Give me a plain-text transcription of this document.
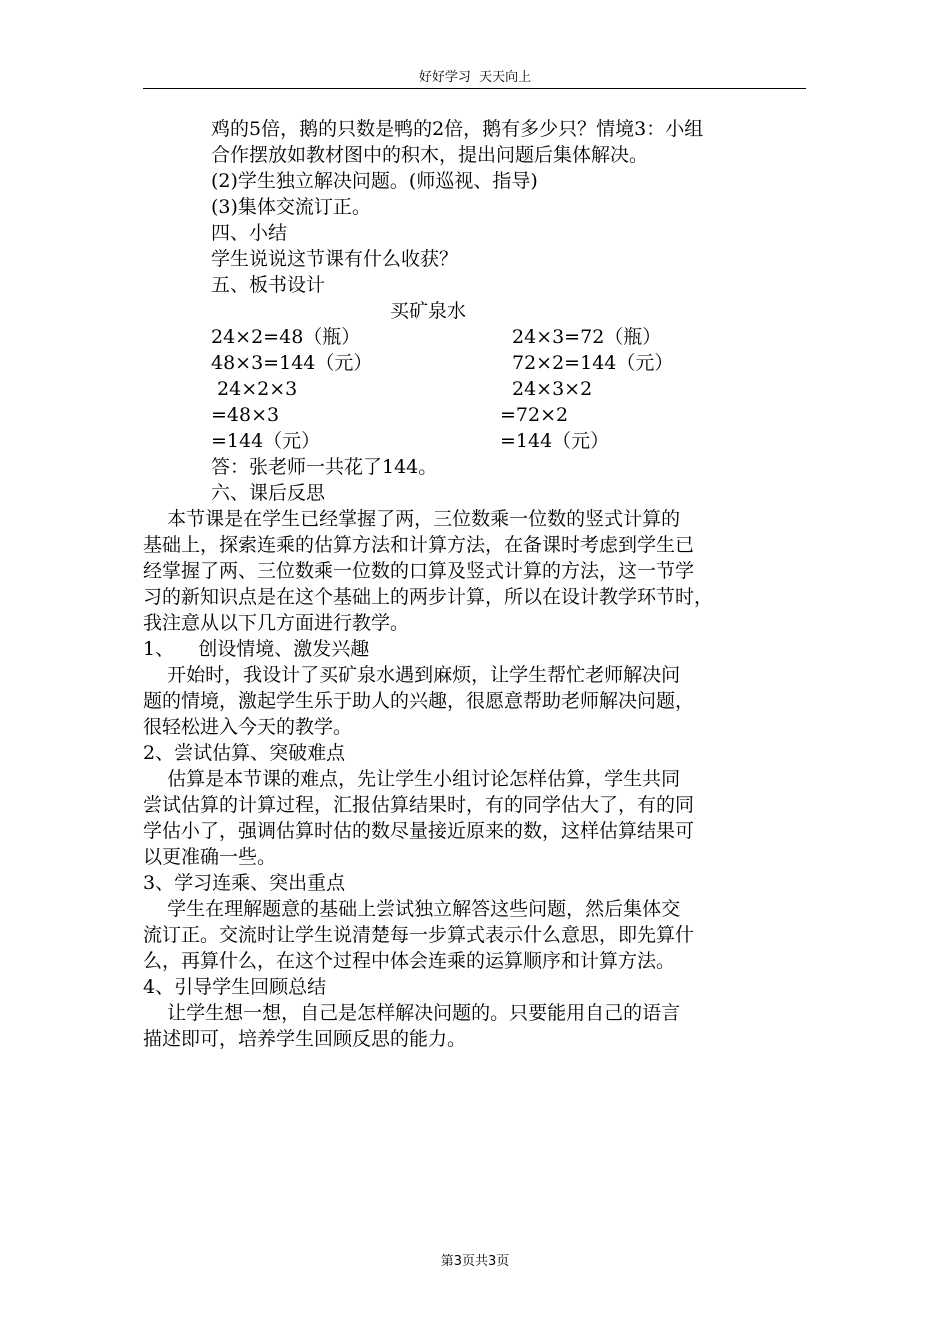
好好学习  天天向上
鸡的5倍，鹅的只数是鸭的2倍，鹅有多少只？情境3：小组
合作摆放如教材图中的积木，提出问题后集体解决。
(2)学生独立解决问题。(师巡视、指导)
(3)集体交流订正。
四、小结
学生说说这节课有什么收获？
五、板书设计
买矿泉水
24×2=48（瓶）
48×3=144（元）
24×2×3
=48×3
=144（元）
24×3=72（瓶）
72×2=144（元）
24×3×2
=72×2
=144（元）
答：张老师一共花了144。
六、课后反思
本节课是在学生已经掌握了两，三位数乘一位数的竖式计算的
基础上，探索连乘的估算方法和计算方法，在备课时考虑到学生已
经掌握了两、三位数乘一位数的口算及竖式计算的方法，这一节学
习的新知识点是在这个基础上的两步计算，所以在设计教学环节时，
我注意从以下几方面进行教学。
1、    创设情境、激发兴趣
开始时，我设计了买矿泉水遇到麻烦，让学生帮忙老师解决问
题的情境，激起学生乐于助人的兴趣，很愿意帮助老师解决问题，
很轻松进入今天的教学。
2、尝试估算、突破难点
估算是本节课的难点，先让学生小组讨论怎样估算，学生共同
尝试估算的计算过程，汇报估算结果时，有的同学估大了，有的同
学估小了，强调估算时估的数尽量接近原来的数，这样估算结果可
以更准确一些。
3、学习连乘、突出重点
学生在理解题意的基础上尝试独立解答这些问题，然后集体交
流订正。交流时让学生说清楚每一步算式表示什么意思，即先算什
么，再算什么，在这个过程中体会连乘的运算顺序和计算方法。
4、引导学生回顾总结
让学生想一想，自己是怎样解决问题的。只要能用自己的语言
描述即可，培养学生回顾反思的能力。
第3页共3页
